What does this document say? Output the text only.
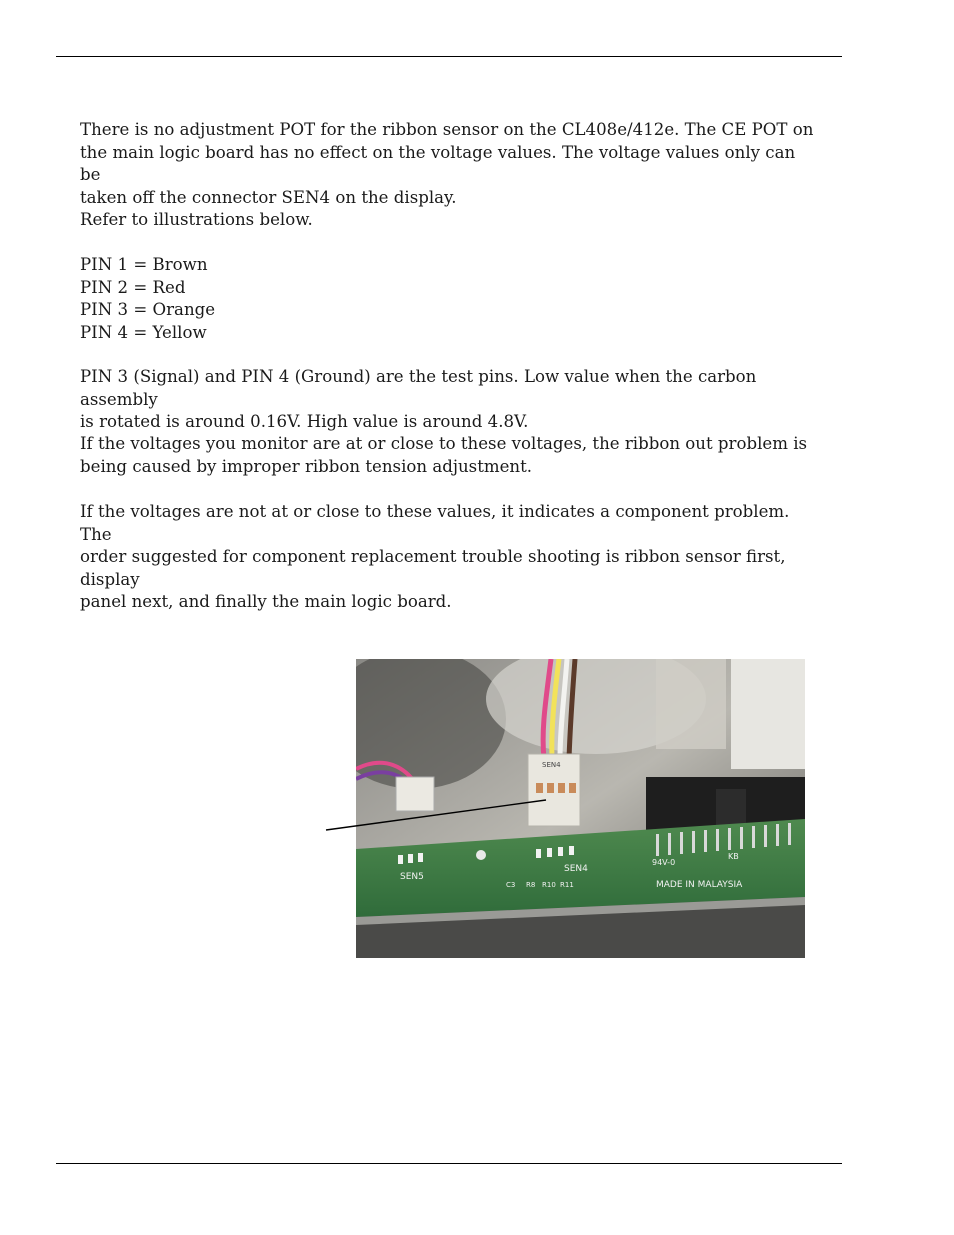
There is no adjustment POT for the ribbon sensor on the CL408e/412e. The CE POT on

the main logic board has no effect on the voltage values. The voltage values only can be

taken off the connector SEN4 on the display.

Refer to illustrations below.

PIN 1 = Brown

PIN 2 = Red

PIN 3 = Orange

PIN 4 = Yellow

PIN 3 (Signal) and PIN 4 (Ground) are the test pins. Low value when the carbon assembly

is rotated is around 0.16V. High value is around 4.8V.

If the voltages you monitor are at or close to these voltages, the ribbon out problem is

being caused by improper ribbon tension adjustment.

If the voltages are not at or close to these values, it indicates a component problem. The

order suggested for component replacement trouble shooting is ribbon sensor first, display

panel next, and finally the main logic board.

SEN4
SEN5
SEN4
94V-0
KB
MADE IN MALAYSIA
C3 R8 R10 R11
